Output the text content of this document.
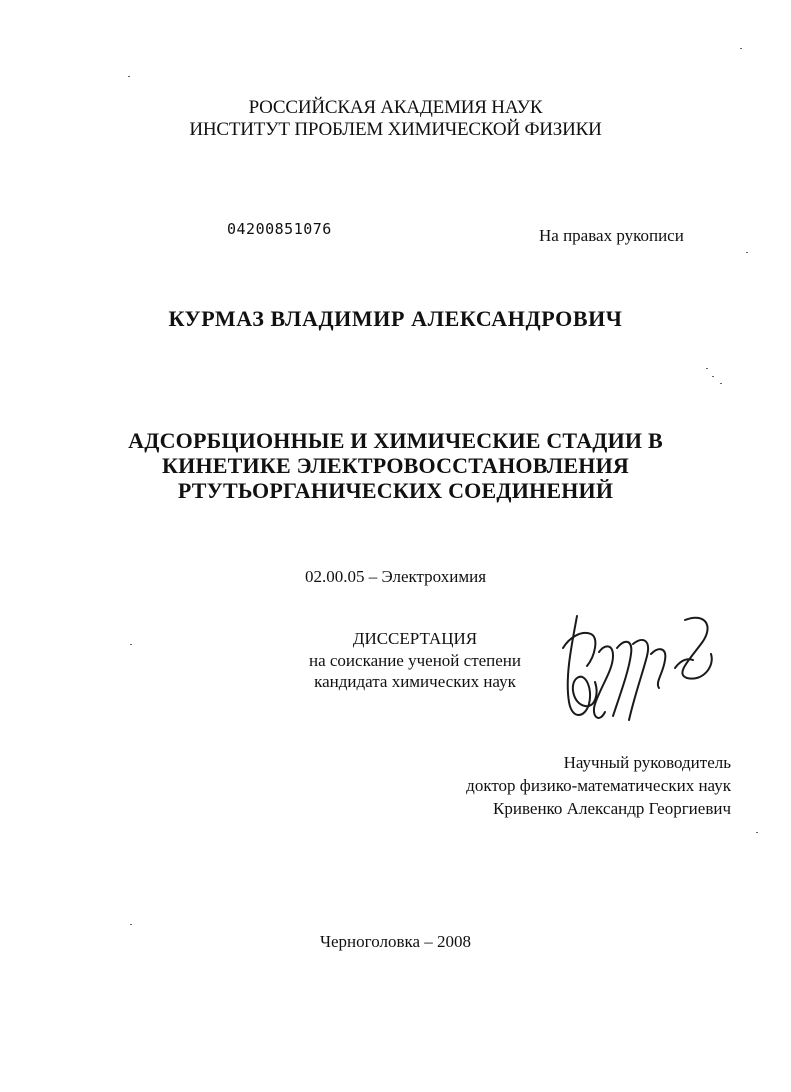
РОССИЙСКАЯ АКАДЕМИЯ НАУК
ИНСТИТУТ ПРОБЛЕМ ХИМИЧЕСКОЙ ФИЗИКИ
04200851076	На правах рукописи
КУРМАЗ ВЛАДИМИР АЛЕКСАНДРОВИЧ
АДСОРБЦИОННЫЕ И ХИМИЧЕСКИЕ СТАДИИ В
КИНЕТИКЕ ЭЛЕКТРОВОССТАНОВЛЕНИЯ
РТУТЬОРГАНИЧЕСКИХ СОЕДИНЕНИЙ
02.00.05 – Электрохимия
ДИССЕРТАЦИЯ
на соискание ученой степени
кандидата химических наук
Научный руководитель
доктор физико-математических наук
Кривенко Александр Георгиевич
Черноголовка – 2008
